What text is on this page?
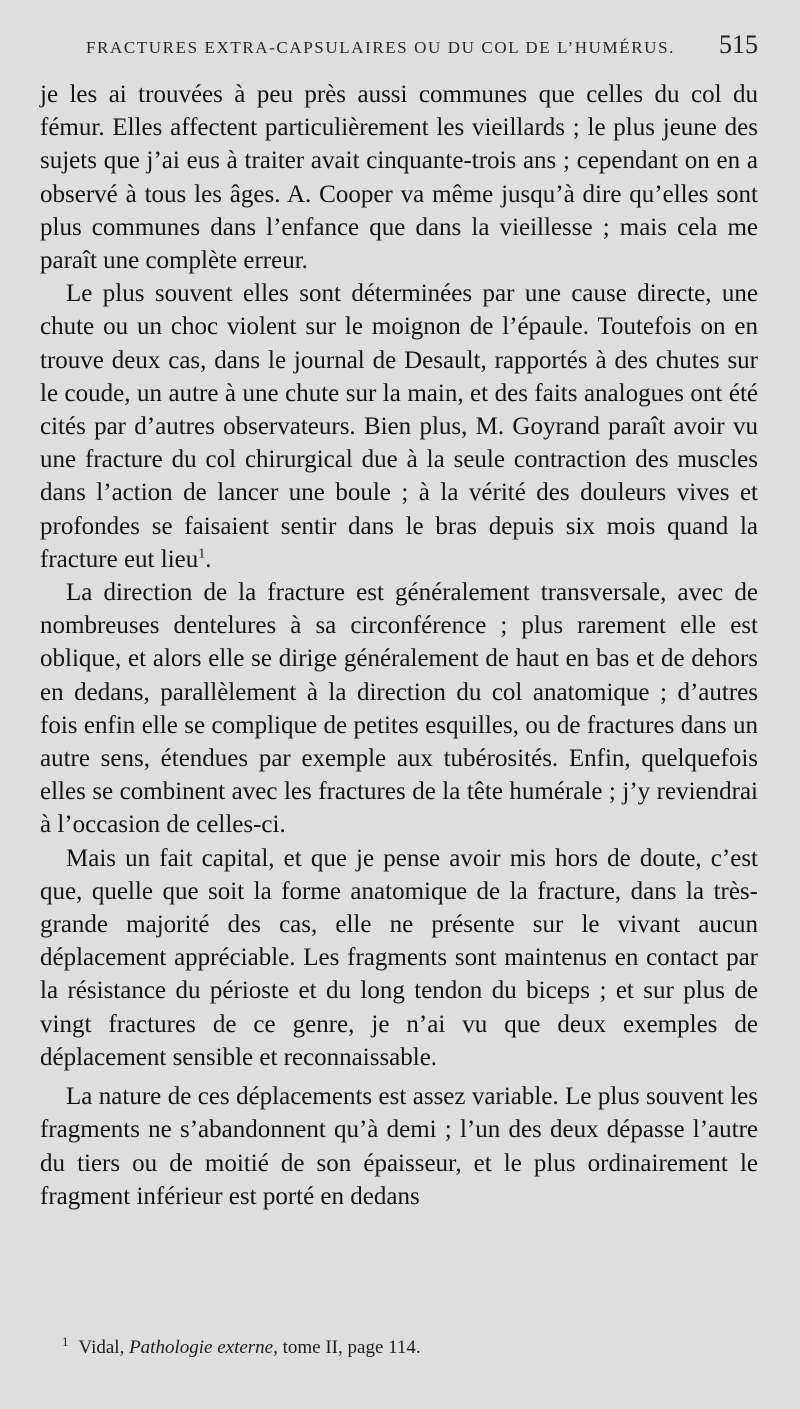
FRACTURES EXTRA-CAPSULAIRES OU DU COL DE L’HUMÉRUS. 515

je les ai trouvées à peu près aussi communes que celles du col du fémur. Elles affectent particulièrement les vieillards ; le plus jeune des sujets que j’ai eus à traiter avait cinquante-trois ans ; cependant on en a observé à tous les âges. A. Cooper va même jusqu’à dire qu’elles sont plus communes dans l’enfance que dans la vieillesse ; mais cela me paraît une complète erreur.

Le plus souvent elles sont déterminées par une cause directe, une chute ou un choc violent sur le moignon de l’épaule. Toutefois on en trouve deux cas, dans le journal de Desault, rapportés à des chutes sur le coude, un autre à une chute sur la main, et des faits analogues ont été cités par d’autres observateurs. Bien plus, M. Goyrand paraît avoir vu une fracture du col chirurgical due à la seule contraction des muscles dans l’action de lancer une boule ; à la vérité des douleurs vives et profondes se faisaient sentir dans le bras depuis six mois quand la fracture eut lieu$^1$.

La direction de la fracture est généralement transversale, avec de nombreuses dentelures à sa circonférence ; plus rarement elle est oblique, et alors elle se dirige généralement de haut en bas et de dehors en dedans, parallèlement à la direction du col anatomique ; d’autres fois enfin elle se complique de petites esquilles, ou de fractures dans un autre sens, étendues par exemple aux tubérosités. Enfin, quelquefois elles se combinent avec les fractures de la tête humérale ; j’y reviendrai à l’occasion de celles-ci.

Mais un fait capital, et que je pense avoir mis hors de doute, c’est que, quelle que soit la forme anatomique de la fracture, dans la très-grande majorité des cas, elle ne présente sur le vivant aucun déplacement appréciable. Les fragments sont maintenus en contact par la résistance du périoste et du long tendon du biceps ; et sur plus de vingt fractures de ce genre, je n’ai vu que deux exemples de déplacement sensible et reconnaissable.

La nature de ces déplacements est assez variable. Le plus souvent les fragments ne s’abandonnent qu’à demi ; l’un des deux dépasse l’autre du tiers ou de moitié de son épaisseur, et le plus ordinairement le fragment inférieur est porté en dedans

$^1$ Vidal, Pathologie externe, tome II, page 114.
